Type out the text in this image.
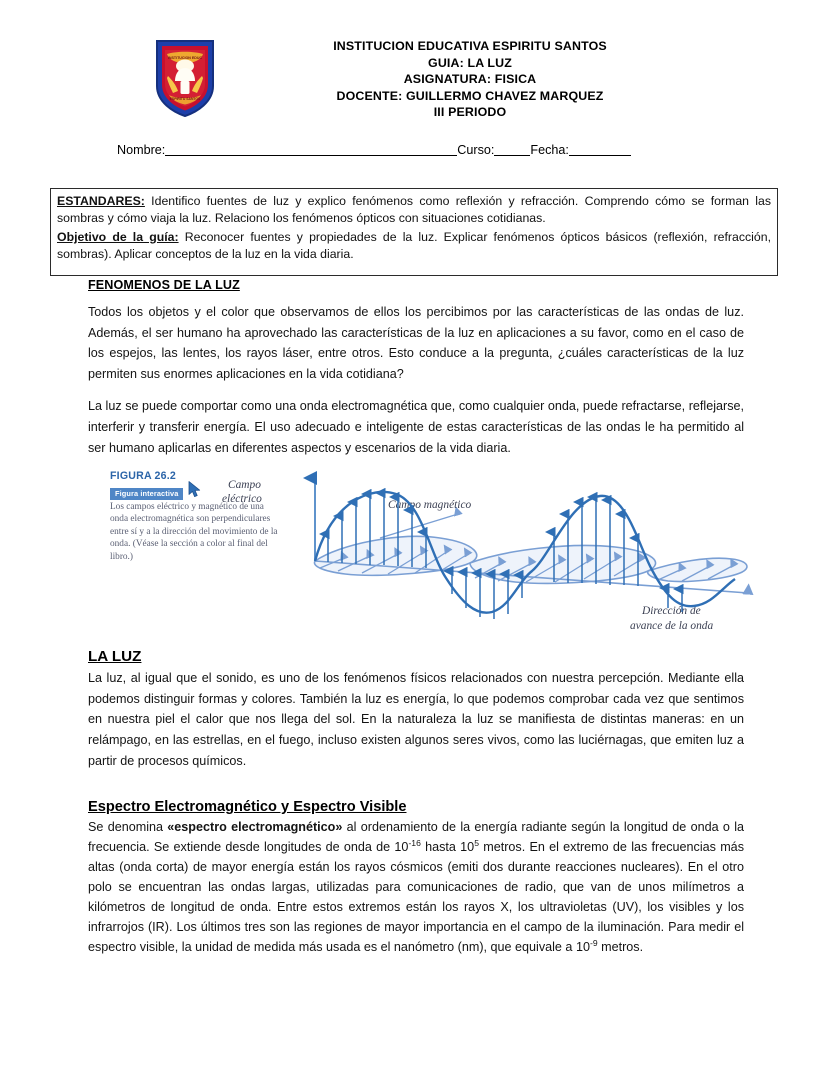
INSTITUCION EDUC
ESPIRITU SANTOS
INSTITUCION EDUCATIVA ESPIRITU SANTOS
GUIA: LA LUZ
ASIGNATURA: FISICA
DOCENTE: GUILLERMO CHAVEZ MARQUEZ
III PERIODO
Nombre:	Curso:	Fecha:

ESTANDARES: Identifico fuentes de luz y explico fenómenos como reflexión y refracción. Comprendo cómo se forman las sombras y cómo viaja la luz. Relaciono los fenómenos ópticos con situaciones cotidianas.

Objetivo de la guía: Reconocer fuentes y propiedades de la luz. Explicar fenómenos ópticos básicos (reflexión, refracción, sombras). Aplicar conceptos de la luz en la vida diaria.

FENOMENOS DE LA LUZ

Todos los objetos y el color que observamos de ellos los percibimos por las características de las ondas de luz. Además, el ser humano ha aprovechado las características de la luz en aplicaciones a su favor, como en el caso de los espejos, las lentes, los rayos láser, entre otros. Esto conduce a la pregunta, ¿cuáles características de la luz permiten sus enormes aplicaciones en la vida cotidiana?

La luz se puede comportar como una onda electromagnética que, como cualquier onda, puede refractarse, reflejarse, interferir y transferir energía. El uso adecuado e inteligente de estas características de las ondas le ha permitido al ser humano aplicarlas en diferentes aspectos y escenarios de la vida diaria.

LA LUZ

La luz, al igual que el sonido, es uno de los fenómenos físicos relacionados con nuestra percepción. Mediante ella podemos distinguir formas y colores. También la luz es energía, lo que podemos comprobar cada vez que sentimos en nuestra piel el calor que nos llega del sol. En la naturaleza la luz se manifiesta de distintas maneras: en un relámpago, en las estrellas, en el fuego, incluso existen algunos seres vivos, como las luciérnagas, que emiten luz a partir de procesos químicos.

Espectro Electromagnético y Espectro Visible

Se denomina «espectro electromagnético» al ordenamiento de la energía radiante según la longitud de onda o la frecuencia. Se extiende desde longitudes de onda de $10^{-16}$ hasta $10^5$ metros. En el extremo de las frecuencias más altas (onda corta) de mayor energía están los rayos cósmicos (emiti dos durante reacciones nucleares). En el otro polo se encuentran las ondas largas, utilizadas para comunicaciones de radio, que van de unos milímetros a kilómetros de longitud de onda. Entre estos extremos están los rayos X, los ultravioletas (UV), los visibles y los infrarrojos (IR). Los últimos tres son las regiones de mayor importancia en el campo de la iluminación. Para medir el espectro visible, la unidad de medida más usada es el nanómetro (nm), que equivale a $10^{-9}$ metros.

FIGURA 26.2
Figura interactiva
Los campos eléctrico y magnético de una onda electromagnética son perpendiculares entre sí y a la dirección del movimiento de la onda. (Véase la sección a color al final del libro.)
Campo
eléctrico	Campo magnético
Dirección de
avance de la onda
